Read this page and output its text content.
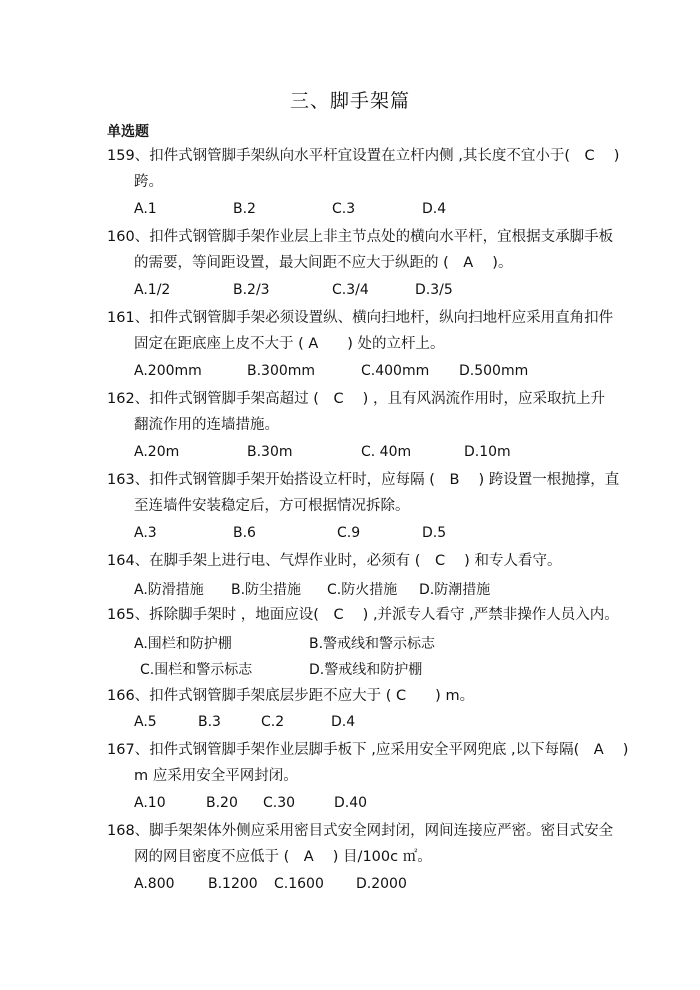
三、脚手架篇
单选题
159、扣件式钢管脚手架纵向水平杆宜设置在立杆内侧 ,其长度不宜小于(　C　 )
跨。
A.1	B.2	C.3	D.4
160、扣件式钢管脚手架作业层上非主节点处的横向水平杆，宜根据支承脚手板
的需要，等间距设置，最大间距不应大于纵距的 (　A　 )。
A.1/2	B.2/3	C.3/4	D.3/5
161、扣件式钢管脚手架必须设置纵、横向扫地杆，纵向扫地杆应采用直角扣件
固定在距底座上皮不大于 ( A　　) 处的立杆上。
A.200mm	B.300mm	C.400mm D.500mm
162、扣件式钢管脚手架高超过 (　C　 ) ，且有风涡流作用时，应采取抗上升
翻流作用的连墙措施。
A.20m	B.30m	C. 40m	D.10m
163、扣件式钢管脚手架开始搭设立杆时，应每隔 (　B　 ) 跨设置一根抛撑，直
至连墙件安装稳定后，方可根据情况拆除。
A.3	B.6	C.9	D.5
164、在脚手架上进行电、气焊作业时，必须有 (　C　 ) 和专人看守。
A.防滑措施 B.防尘措施 C.防火措施 D.防潮措施
165、拆除脚手架时 ，地面应设(　C　 ) ,并派专人看守 ,严禁非操作人员入内。
A.围栏和防护棚	B.警戒线和警示标志
C.围栏和警示标志	D.警戒线和防护棚
166、扣件式钢管脚手架底层步距不应大于 ( C　　) m。
A.5	B.3	C.2	D.4
167、扣件式钢管脚手架作业层脚手板下 ,应采用安全平网兜底 ,以下每隔(　A　 )
m 应采用安全平网封闭。
A.10	B.20 C.30	D.40
168、脚手架架体外侧应采用密目式安全网封闭，网间连接应严密。密目式安全
网的网目密度不应低于 (　A　 ) 目/100c ㎡。
A.800 B.1200 C.1600 D.2000
